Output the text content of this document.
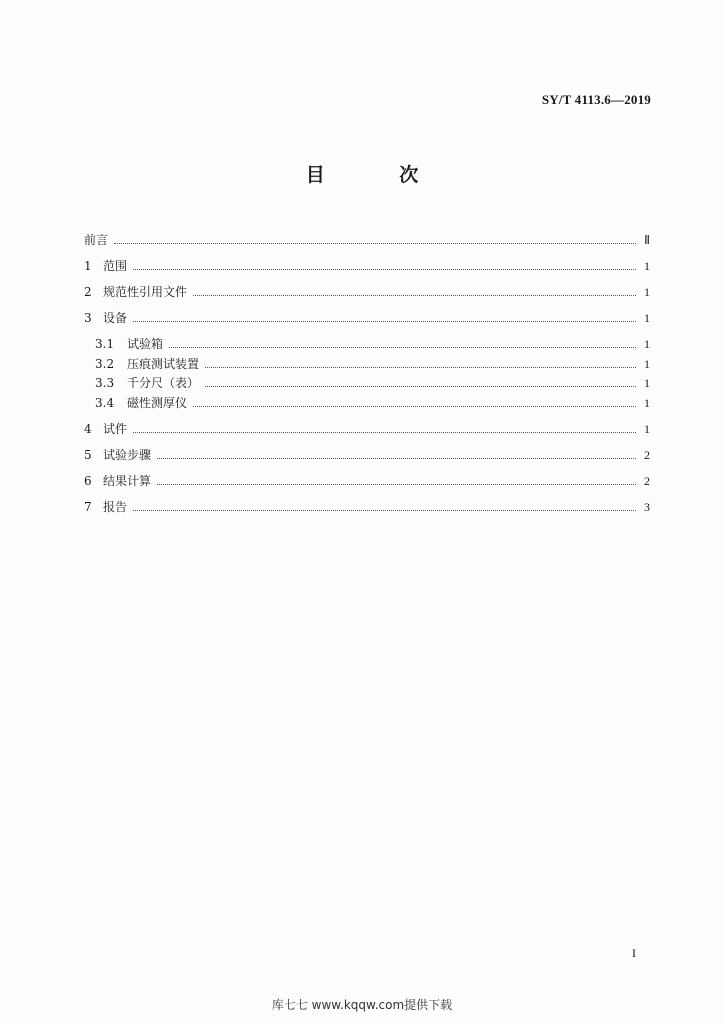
SY/T 4113.6—2019
目 次
前言	Ⅱ
1 范围	1
2 规范性引用文件	1
3 设备	1
3.1	试验箱	1
3.2	压痕测试装置	1
3.3	千分尺（表）	1
3.4	磁性测厚仪	1
4 试件	1
5 试验步骤	2
6 结果计算	2
7 报告	3
I
库七七 www.kqqw.com提供下载
